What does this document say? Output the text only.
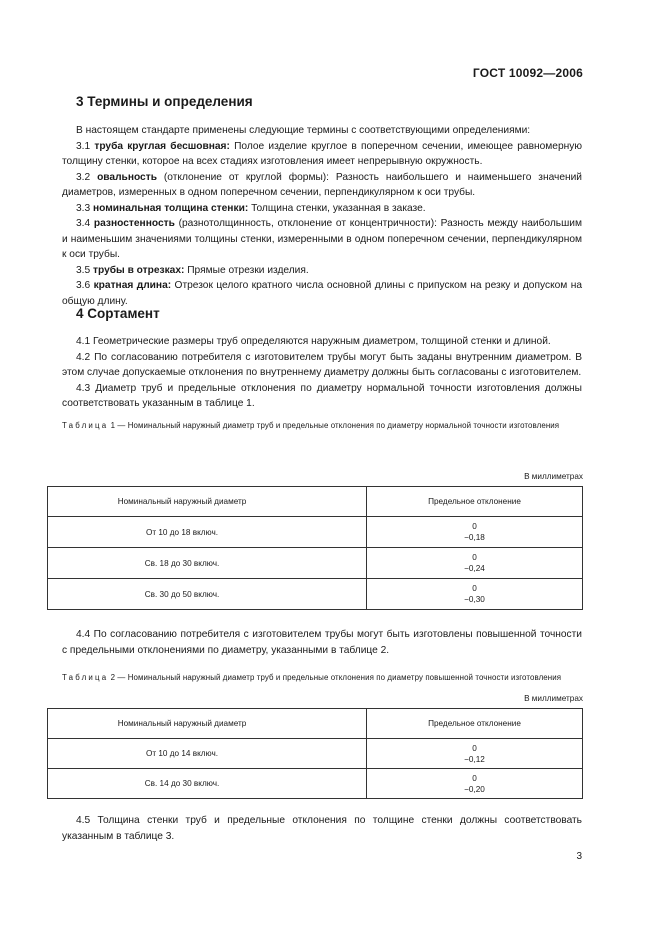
ГОСТ 10092—2006
3 Термины и определения

В настоящем стандарте применены следующие термины с соответствующими определениями:

3.1 труба круглая бесшовная: Полое изделие круглое в поперечном сечении, имеющее равномерную толщину стенки, которое на всех стадиях изготовления имеет непрерывную окружность.

3.2 овальность (отклонение от круглой формы): Разность наибольшего и наименьшего значений диаметров, измеренных в одном поперечном сечении, перпендикулярном к оси трубы.

3.3 номинальная толщина стенки: Толщина стенки, указанная в заказе.

3.4 разностенность (разнотолщинность, отклонение от концентричности): Разность между наибольшим и наименьшим значениями толщины стенки, измеренными в одном поперечном сечении, перпендикулярном к оси трубы.

3.5 трубы в отрезках: Прямые отрезки изделия.

3.6 кратная длина: Отрезок целого кратного числа основной длины с припуском на резку и допуском на общую длину.

4 Сортамент

4.1 Геометрические размеры труб определяются наружным диаметром, толщиной стенки и длиной.

4.2 По согласованию потребителя с изготовителем трубы могут быть заданы внутренним диаметром. В этом случае допускаемые отклонения по внутреннему диаметру должны быть согласованы с изготовителем.

4.3 Диаметр труб и предельные отклонения по диаметру нормальной точности изготовления должны соответствовать указанным в таблице 1.

Таблица 1 — Номинальный наружный диаметр труб и предельные отклонения по диаметру нормальной точности изготовления
В миллиметрах
Номинальный наружный диаметр	Предельное отклонение
От 10 до 18 включ.	0
−0,18

Св. 18 до 30 включ.	0
−0,24

Св. 30 до 50 включ.	0
−0,30

4.4 По согласованию потребителя с изготовителем трубы могут быть изготовлены повышенной точности с предельными отклонениями по диаметру, указанными в таблице 2.

Таблица 2 — Номинальный наружный диаметр труб и предельные отклонения по диаметру повышенной точности изготовления
В миллиметрах
Номинальный наружный диаметр	Предельное отклонение
От 10 до 14 включ.	0
−0,12

Св. 14 до 30 включ.	0
−0,20

4.5 Толщина стенки труб и предельные отклонения по толщине стенки должны соответствовать указанным в таблице 3.

3
